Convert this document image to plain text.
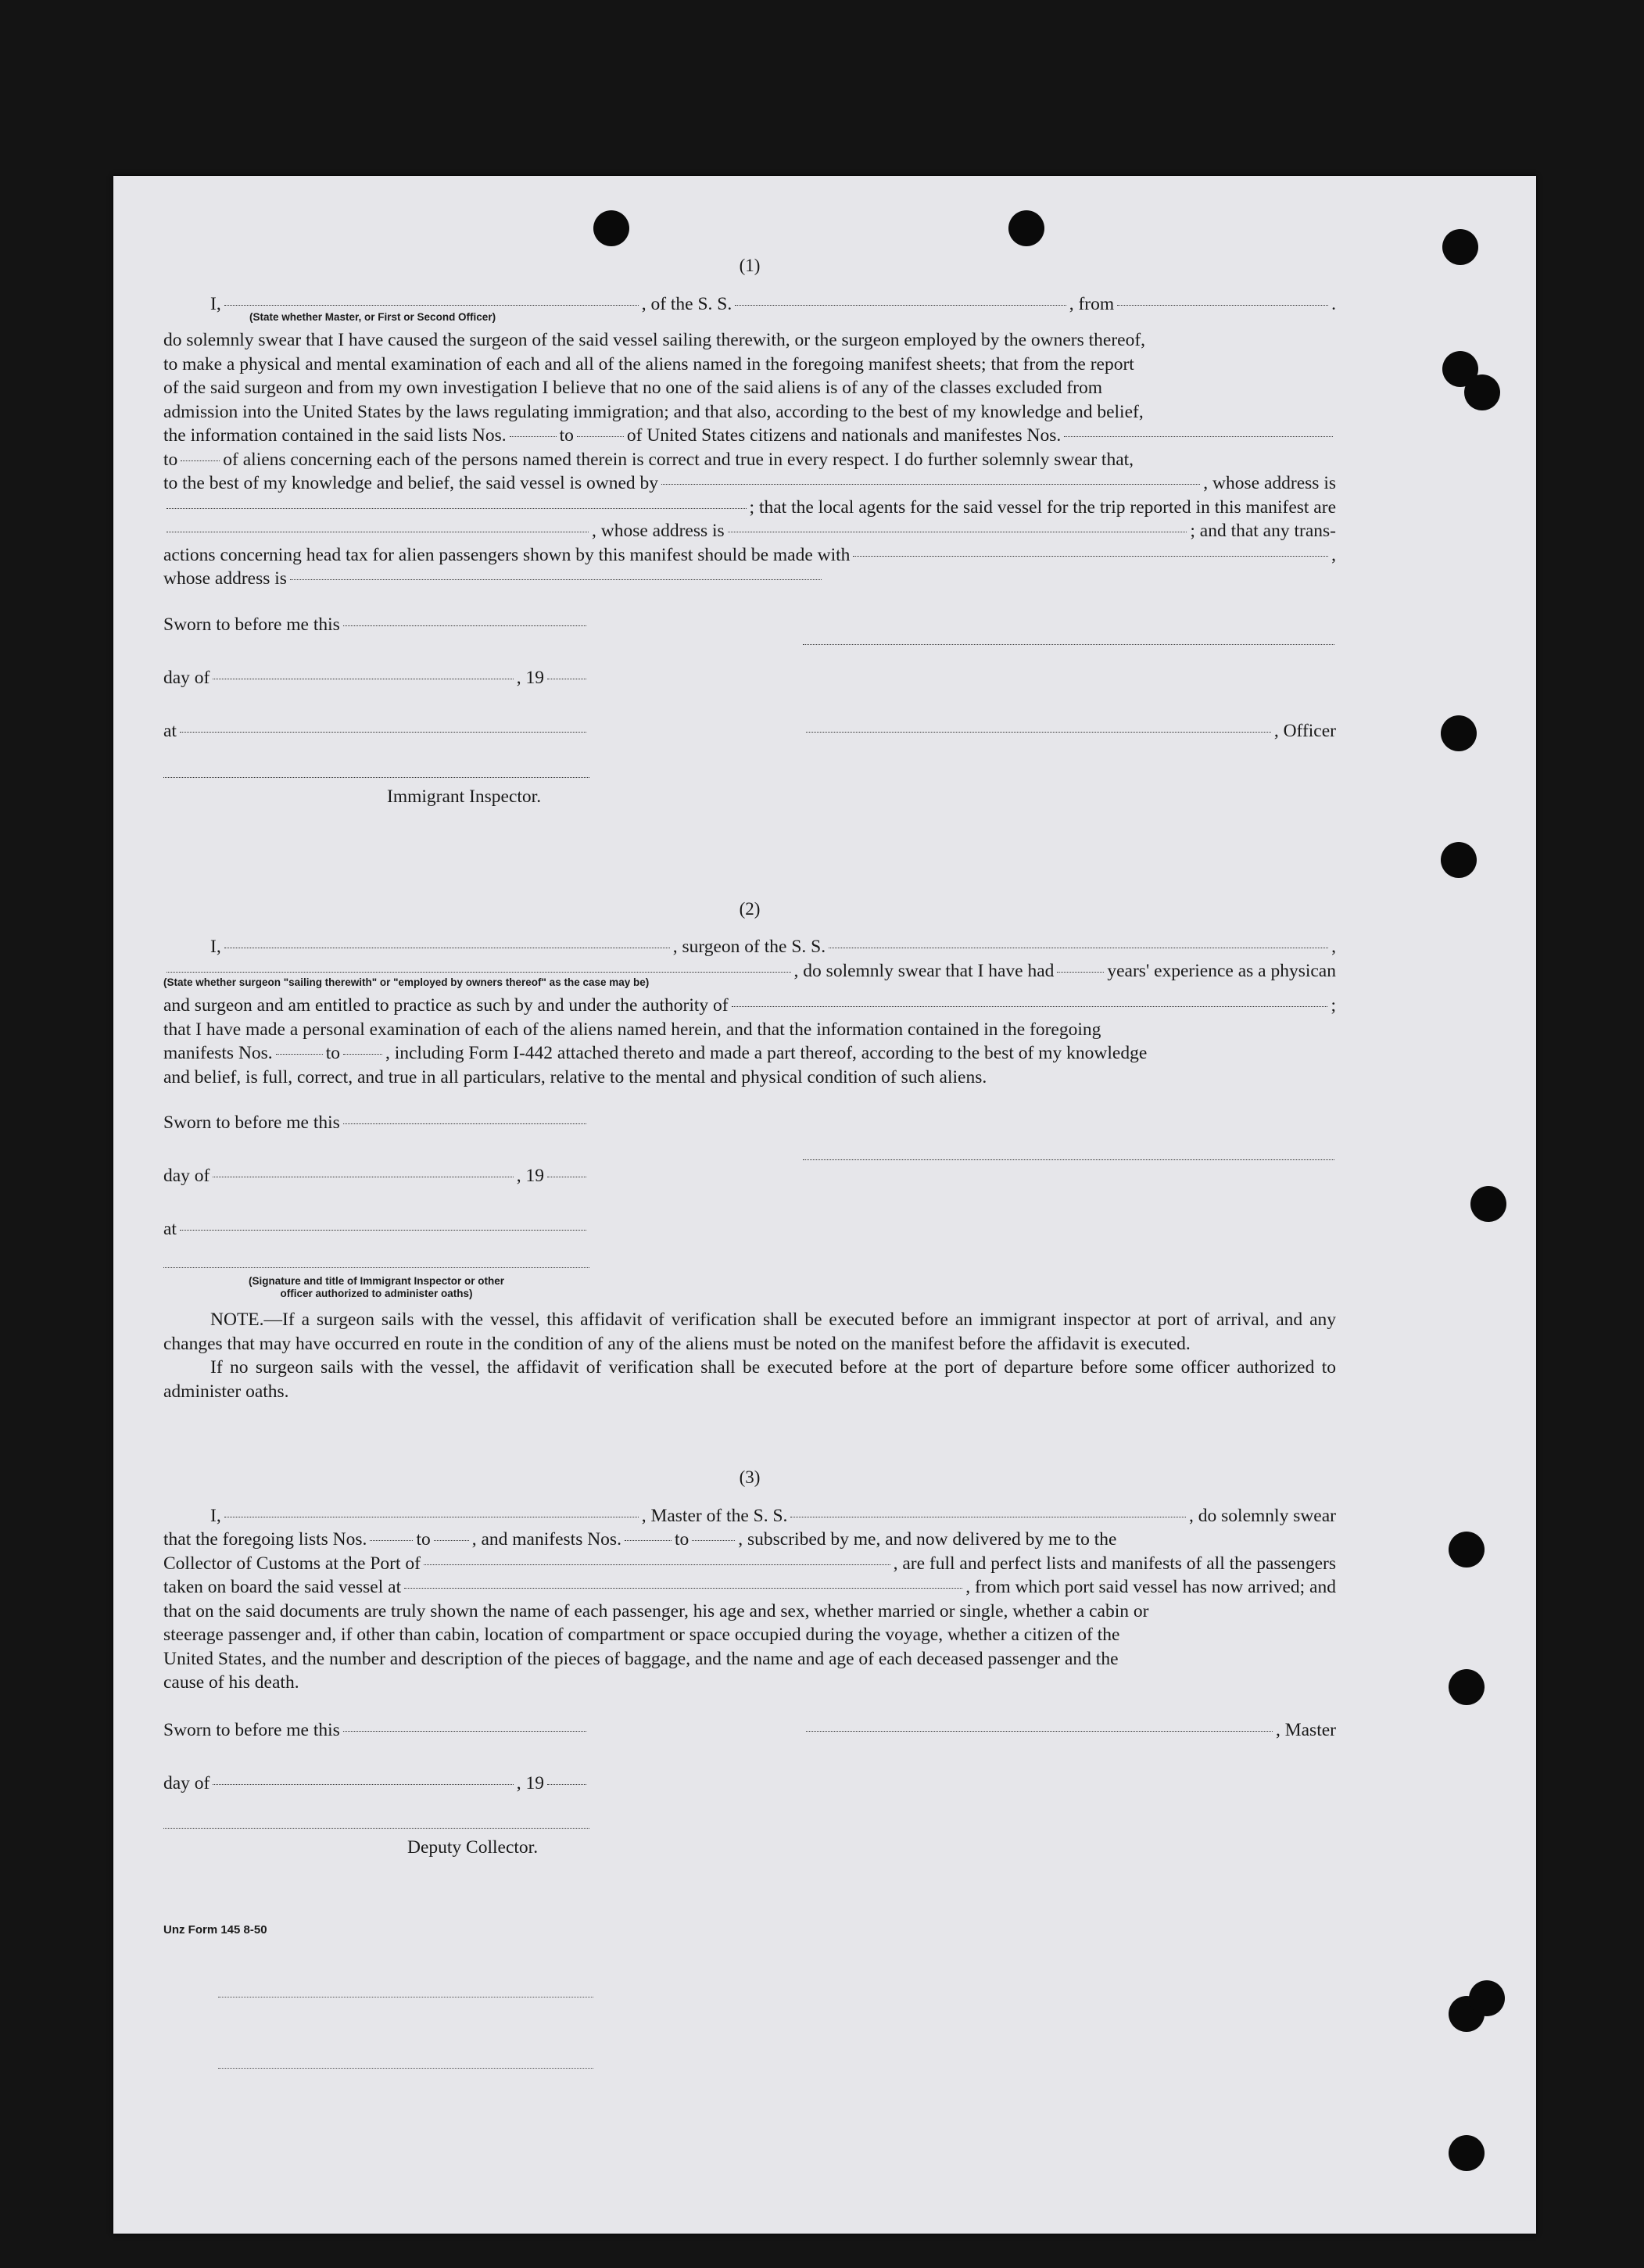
(1)

I,	, of the S. S.	, from	.
(State whether Master, or First or Second Officer)

do solemnly swear that I have caused the surgeon of the said vessel sailing therewith, or the surgeon employed by the owners thereof,

to make a physical and mental examination of each and all of the aliens named in the foregoing manifest sheets; that from the report

of the said surgeon and from my own investigation I believe that no one of the said aliens is of any of the classes excluded from

admission into the United States by the laws regulating immigration; and that also, according to the best of my knowledge and belief,

the information contained in the said lists Nos.	to	of United States citizens and nationals and manifestes Nos.
to of aliens concerning each of the persons named therein is correct and true in every respect. I do further solemnly swear that,
to the best of my knowledge and belief, the said vessel is owned by	, whose address is
; that the local agents for the said vessel for the trip reported in this manifest are
, whose address is	; and that any trans-
actions concerning head tax for alien passengers shown by this manifest should be made with	,
whose address is
Sworn to before me this
day of	, 19
at	, Officer
Immigrant Inspector.

(2)

I,	, surgeon of the S. S.	,
, do solemnly swear that I have had	years' experience as a physican
(State whether surgeon "sailing therewith" or "employed by owners thereof" as the case may be)
and surgeon and am entitled to practice as such by and under the authority of	;

that I have made a personal examination of each of the aliens named herein, and that the information contained in the foregoing

manifests Nos.	to , including Form I-442 attached thereto and made a part thereof, according to the best of my knowledge

and belief, is full, correct, and true in all particulars, relative to the mental and physical condition of such aliens.

Sworn to before me this
day of	, 19
at
(Signature and title of Immigrant Inspector or other
officer authorized to administer oaths)

NOTE.—If a surgeon sails with the vessel, this affidavit of verification shall be executed before an immigrant inspector at port of arrival, and any changes that may have occurred en route in the condition of any of the aliens must be noted on the manifest before the affidavit is executed.

If no surgeon sails with the vessel, the affidavit of verification shall be executed before at the port of departure before some officer authorized to administer oaths.

(3)

I,	, Master of the S. S.	, do solemnly swear
that the foregoing lists Nos.	to , and manifests Nos.	to	, subscribed by me, and now delivered by me to the
Collector of Customs at the Port of	, are full and perfect lists and manifests of all the passengers
taken on board the said vessel at	, from which port said vessel has now arrived; and

that on the said documents are truly shown the name of each passenger, his age and sex, whether married or single, whether a cabin or

steerage passenger and, if other than cabin, location of compartment or space occupied during the voyage, whether a citizen of the

United States, and the number and description of the pieces of baggage, and the name and age of each deceased passenger and the

cause of his death.

Sworn to before me this	, Master
day of	, 19
Deputy Collector.
Unz Form 145 8-50
